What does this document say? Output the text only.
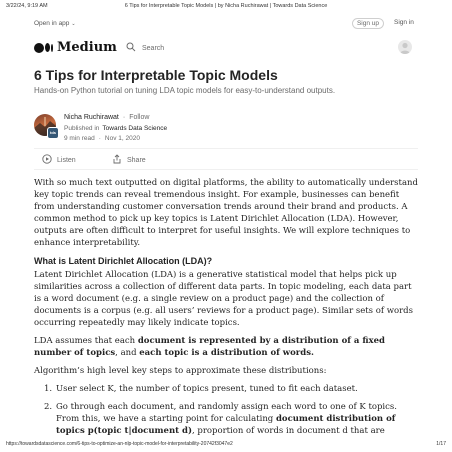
3/22/24, 9:19 AM	6 Tips for Interpretable Topic Models | by Nicha Ruchirawat | Towards Data Science
Open in app ⌄	Sign up	Sign in
Medium	Search
6 Tips for Interpretable Topic Models
Hands-on Python tutorial on tuning LDA topic models for easy-to-understand outputs.
tds
Nicha Ruchirawat · Follow
Published in Towards Data Science
9 min read · Nov 1, 2020
Listen	Share

With so much text outputted on digital platforms, the ability to automatically understand key topic trends can reveal tremendous insight. For example, businesses can benefit from understanding customer conversation trends around their brand and products. A common method to pick up key topics is Latent Dirichlet Allocation (LDA). However, outputs are often difficult to interpret for useful insights. We will explore techniques to enhance interpretability.

What is Latent Dirichlet Allocation (LDA)?

Latent Dirichlet Allocation (LDA) is a generative statistical model that helps pick up similarities across a collection of different data parts. In topic modeling, each data part is a word document (e.g. a single review on a product page) and the collection of documents is a corpus (e.g. all users’ reviews for a product page). Similar sets of words occurring repeatedly may likely indicate topics.

LDA assumes that each document is represented by a distribution of a fixed number of topics, and each topic is a distribution of words.

Algorithm’s high level key steps to approximate these distributions:

1. User select K, the number of topics present, tuned to fit each dataset.
2. Go through each document, and randomly assign each word to one of K topics. From this, we have a starting point for calculating document distribution of topics p(topic t|document d), proportion of words in document d that are
https://towardsdatascience.com/6-tips-to-optimize-an-nlp-topic-model-for-interpretability-20742f3047e2	1/17
